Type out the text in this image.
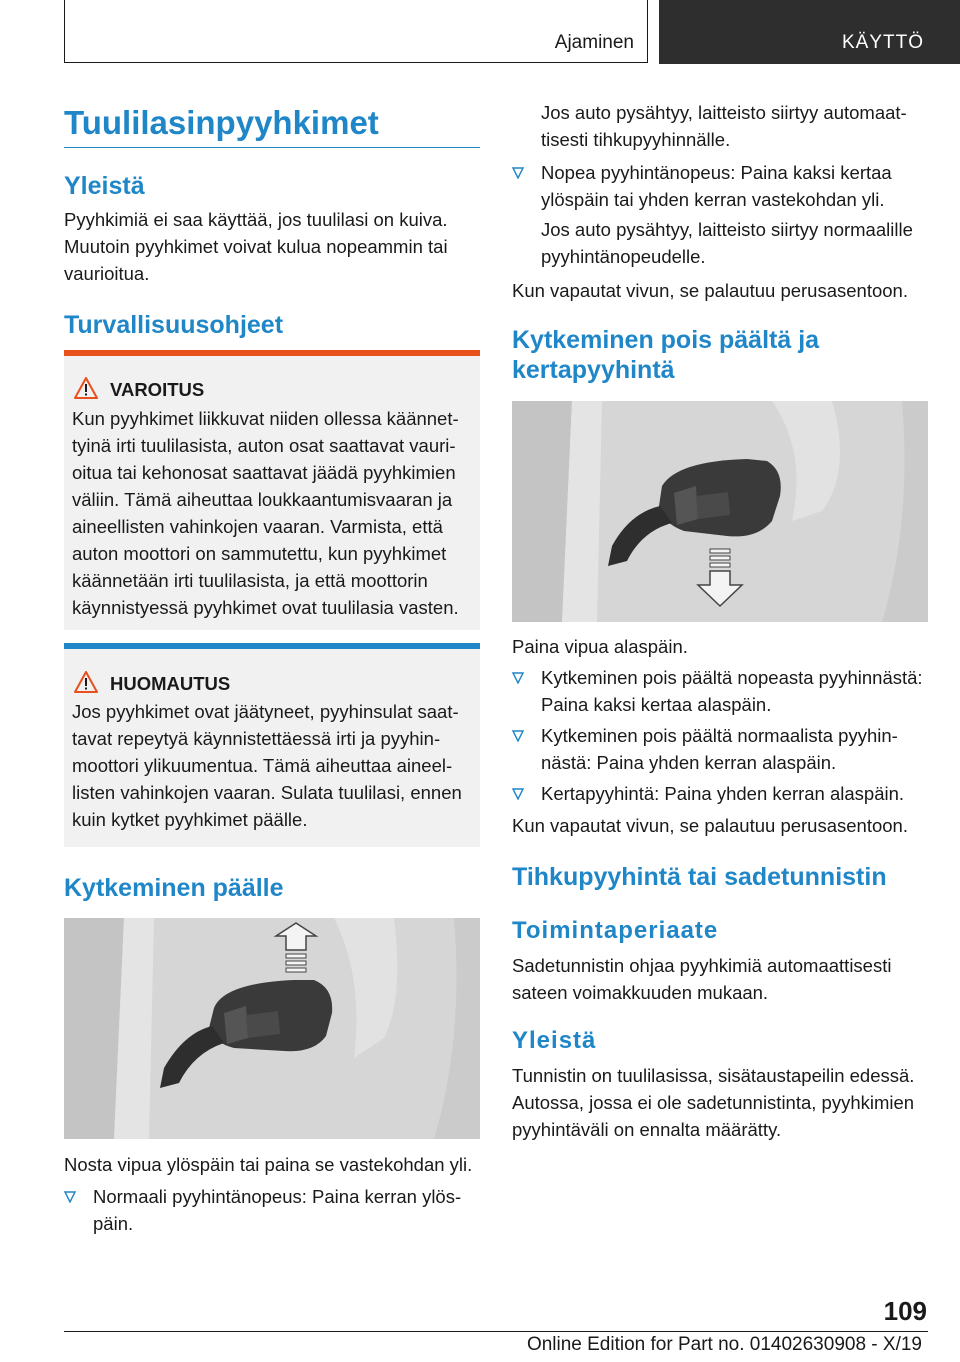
Ajaminen	KÄYTTÖ
Tuulilasinpyyhkimet
Yleistä
Pyyhkimiä ei saa käyttää, jos tuulilasi on kuiva. Muutoin pyyhkimet voivat kulua nopeammin tai vaurioitua.
Turvallisuusohjeet
VAROITUS
Kun pyyhkimet liikkuvat niiden ollessa käännettyinä irti tuulilasista, auton osat saattavat vaurioitua tai kehonosat saattavat jäädä pyyhkimien väliin. Tämä aiheuttaa loukkaantumisvaaran ja aineellisten vahinkojen vaaran. Varmista, että auton moottori on sammutettu, kun pyyhkimet käännetään irti tuulilasista, ja että moottorin käynnistyessä pyyhkimet ovat tuulilasia vasten.
HUOMAUTUS
Jos pyyhkimet ovat jäätyneet, pyyhinsulat saattavat repeytyä käynnistettäessä irti ja pyyhinmoottori ylikuumentua. Tämä aiheuttaa aineellisten vahinkojen vaaran. Sulata tuulilasi, ennen kuin kytket pyyhkimet päälle.
Kytkeminen päälle
Nosta vipua ylöspäin tai paina se vastekohdan yli.
Normaali pyyhintänopeus: Paina kerran ylöspäin.
Jos auto pysähtyy, laitteisto siirtyy automaattisesti tihkupyyhinnälle.
Nopea pyyhintänopeus: Paina kaksi kertaa ylöspäin tai yhden kerran vastekohdan yli.
Jos auto pysähtyy, laitteisto siirtyy normaalille pyyhintänopeudelle.
Kun vapautat vivun, se palautuu perusasentoon.
Kytkeminen pois päältä ja kertapyyhintä
Paina vipua alaspäin.
Kytkeminen pois päältä nopeasta pyyhinnästä: Paina kaksi kertaa alaspäin.
Kytkeminen pois päältä normaalista pyyhinnästä: Paina yhden kerran alaspäin.
Kertapyyhintä: Paina yhden kerran alaspäin.
Kun vapautat vivun, se palautuu perusasentoon.
Tihkupyyhintä tai sadetunnistin
Toimintaperiaate
Sadetunnistin ohjaa pyyhkimiä automaattisesti sateen voimakkuuden mukaan.
Yleistä
Tunnistin on tuulilasissa, sisätaustapeilin edessä. Autossa, jossa ei ole sadetunnistinta, pyyhkimien pyyhintäväli on ennalta määrätty.
109
Online Edition for Part no. 01402630908 - X/19
